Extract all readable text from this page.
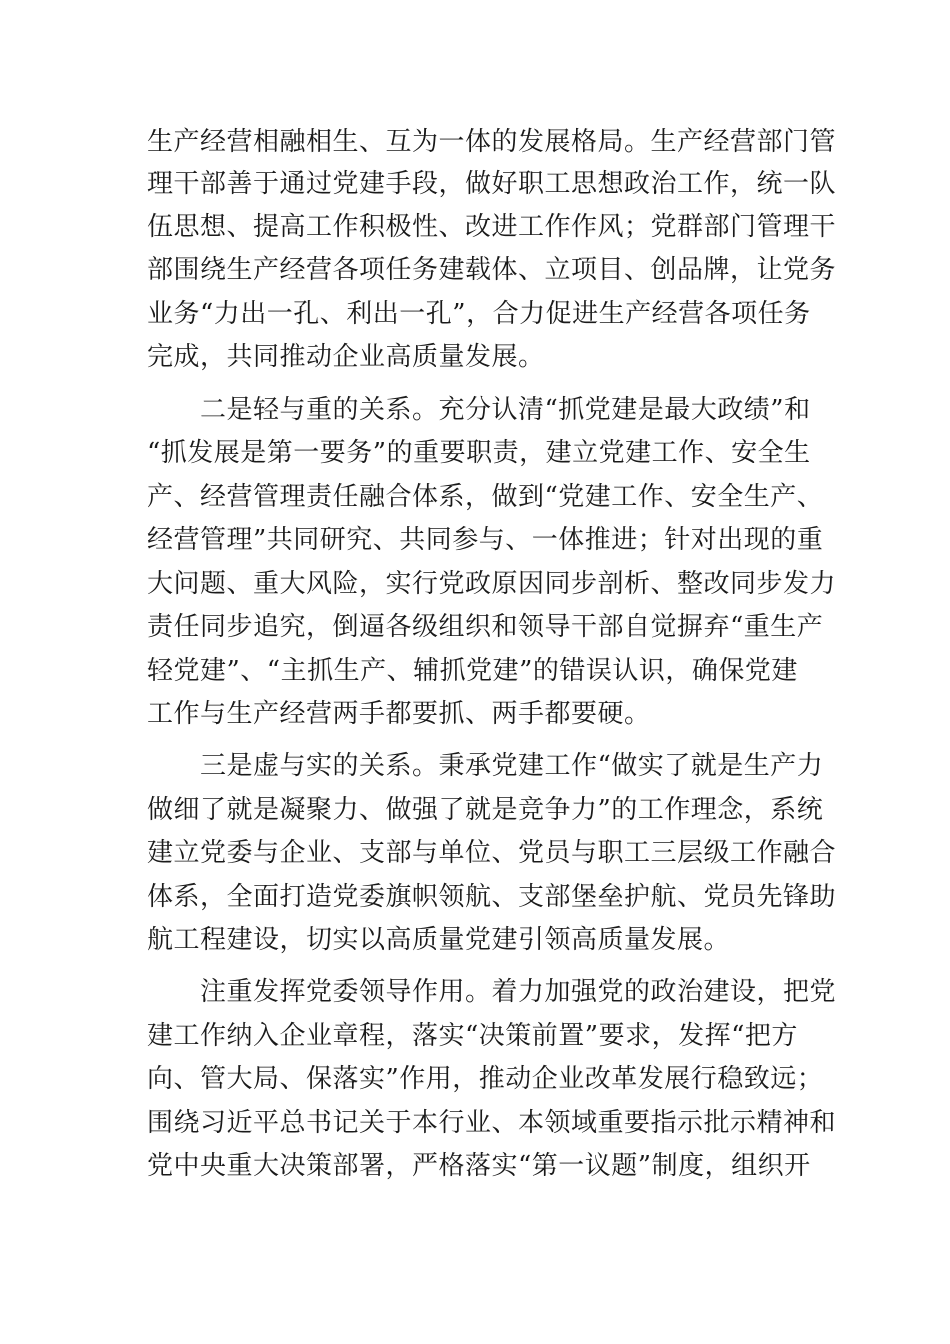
生产经营相融相生、互为一体的发展格局。生产经营部门管
理干部善于通过党建手段，做好职工思想政治工作，统一队
伍思想、提高工作积极性、改进工作作风；党群部门管理干
部围绕生产经营各项任务建载体、立项目、创品牌，让党务
业务“力出一孔、利出一孔”，合力促进生产经营各项任务
完成，共同推动企业高质量发展。
二是轻与重的关系。充分认清“抓党建是最大政绩”和
“抓发展是第一要务”的重要职责，建立党建工作、安全生
产、经营管理责任融合体系，做到“党建工作、安全生产、
经营管理”共同研究、共同参与、一体推进；针对出现的重
大问题、重大风险，实行党政原因同步剖析、整改同步发力
责任同步追究，倒逼各级组织和领导干部自觉摒弃“重生产
轻党建”、“主抓生产、辅抓党建”的错误认识，确保党建
工作与生产经营两手都要抓、两手都要硬。
三是虚与实的关系。秉承党建工作“做实了就是生产力
做细了就是凝聚力、做强了就是竞争力”的工作理念，系统
建立党委与企业、支部与单位、党员与职工三层级工作融合
体系，全面打造党委旗帜领航、支部堡垒护航、党员先锋助
航工程建设，切实以高质量党建引领高质量发展。
注重发挥党委领导作用。着力加强党的政治建设，把党
建工作纳入企业章程，落实“决策前置”要求，发挥“把方
向、管大局、保落实”作用，推动企业改革发展行稳致远；
围绕习近平总书记关于本行业、本领域重要指示批示精神和
党中央重大决策部署，严格落实“第一议题”制度，组织开
